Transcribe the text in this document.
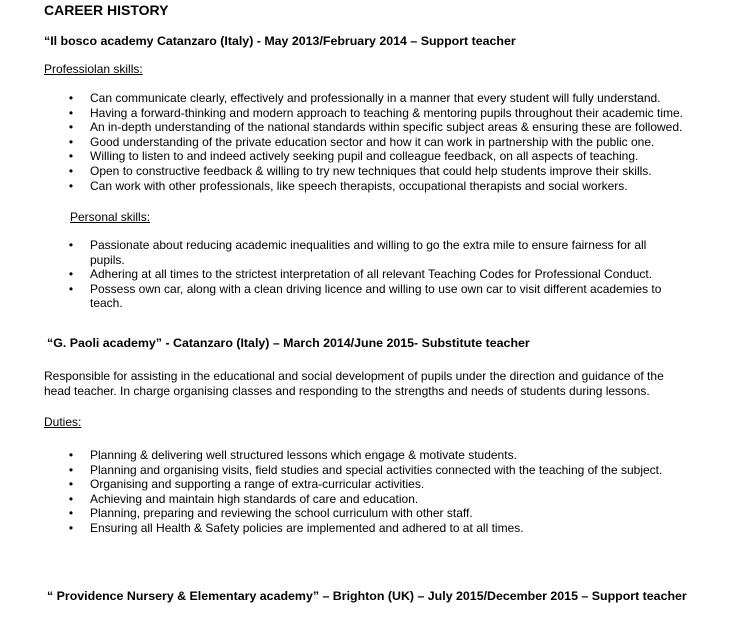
CAREER HISTORY
“Il bosco academy Catanzaro (Italy) - May 2013/February 2014 – Support teacher
Professiolan skills:
• Can communicate clearly, effectively and professionally in a manner that every student will fully understand.
• Having a forward-thinking and modern approach to teaching & mentoring pupils throughout their academic time.
• An in-depth understanding of the national standards within specific subject areas & ensuring these are followed.
• Good understanding of the private education sector and how it can work in partnership with the public one.
• Willing to listen to and indeed actively seeking pupil and colleague feedback, on all aspects of teaching.
• Open to constructive feedback & willing to try new techniques that could help students improve their skills.
• Can work with other professionals, like speech therapists, occupational therapists and social workers.
Personal skills:
• Passionate about reducing academic inequalities and willing to go the extra mile to ensure fairness for all pupils.
• Adhering at all times to the strictest interpretation of all relevant Teaching Codes for Professional Conduct.
• Possess own car, along with a clean driving licence and willing to use own car to visit different academies to teach.
“G. Paoli academy” - Catanzaro (Italy) – March 2014/June 2015- Substitute teacher
Responsible for assisting in the educational and social development of pupils under the direction and guidance of the head teacher. In charge organising classes and responding to the strengths and needs of students during lessons.
Duties:
• Planning & delivering well structured lessons which engage & motivate students.
• Planning and organising visits, field studies and special activities connected with the teaching of the subject.
• Organising and supporting a range of extra-curricular activities.
• Achieving and maintain high standards of care and education.
• Planning, preparing and reviewing the school curriculum with other staff.
• Ensuring all Health & Safety policies are implemented and adhered to at all times.
“ Providence Nursery & Elementary academy” – Brighton (UK) – July 2015/December 2015 – Support teacher
